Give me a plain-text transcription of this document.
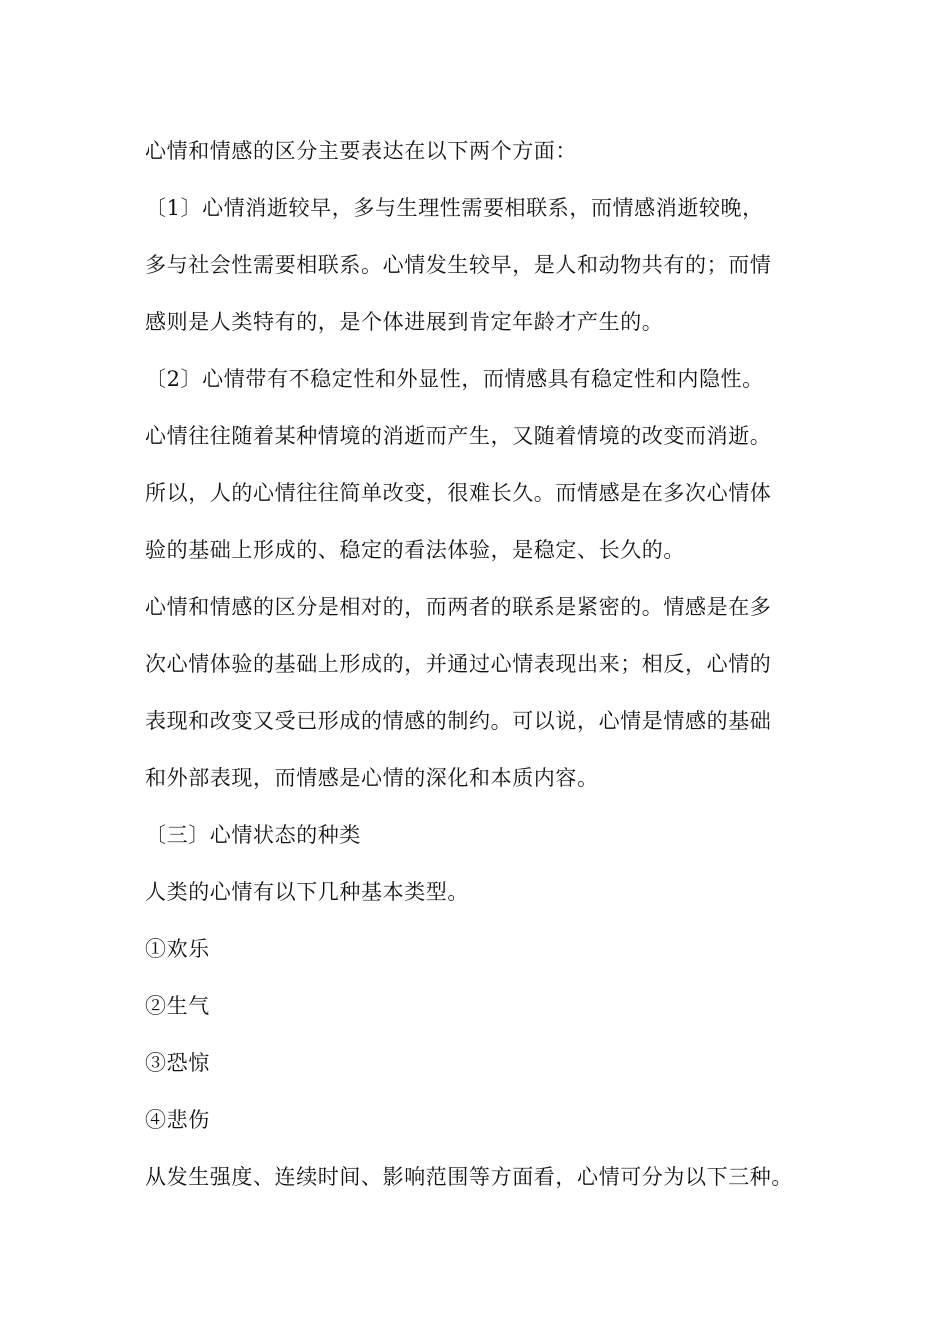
心情和情感的区分主要表达在以下两个方面：
〔1〕心情消逝较早，多与生理性需要相联系，而情感消逝较晚，
多与社会性需要相联系。心情发生较早，是人和动物共有的；而情
感则是人类特有的，是个体进展到肯定年龄才产生的。
〔2〕心情带有不稳定性和外显性，而情感具有稳定性和内隐性。
心情往往随着某种情境的消逝而产生，又随着情境的改变而消逝。
所以，人的心情往往简单改变，很难长久。而情感是在多次心情体
验的基础上形成的、稳定的看法体验，是稳定、长久的。
心情和情感的区分是相对的，而两者的联系是紧密的。情感是在多
次心情体验的基础上形成的，并通过心情表现出来；相反，心情的
表现和改变又受已形成的情感的制约。可以说，心情是情感的基础
和外部表现，而情感是心情的深化和本质内容。
〔三〕心情状态的种类
人类的心情有以下几种基本类型。
①欢乐
②生气
③恐惊
④悲伤
从发生强度、连续时间、影响范围等方面看，心情可分为以下三种。
